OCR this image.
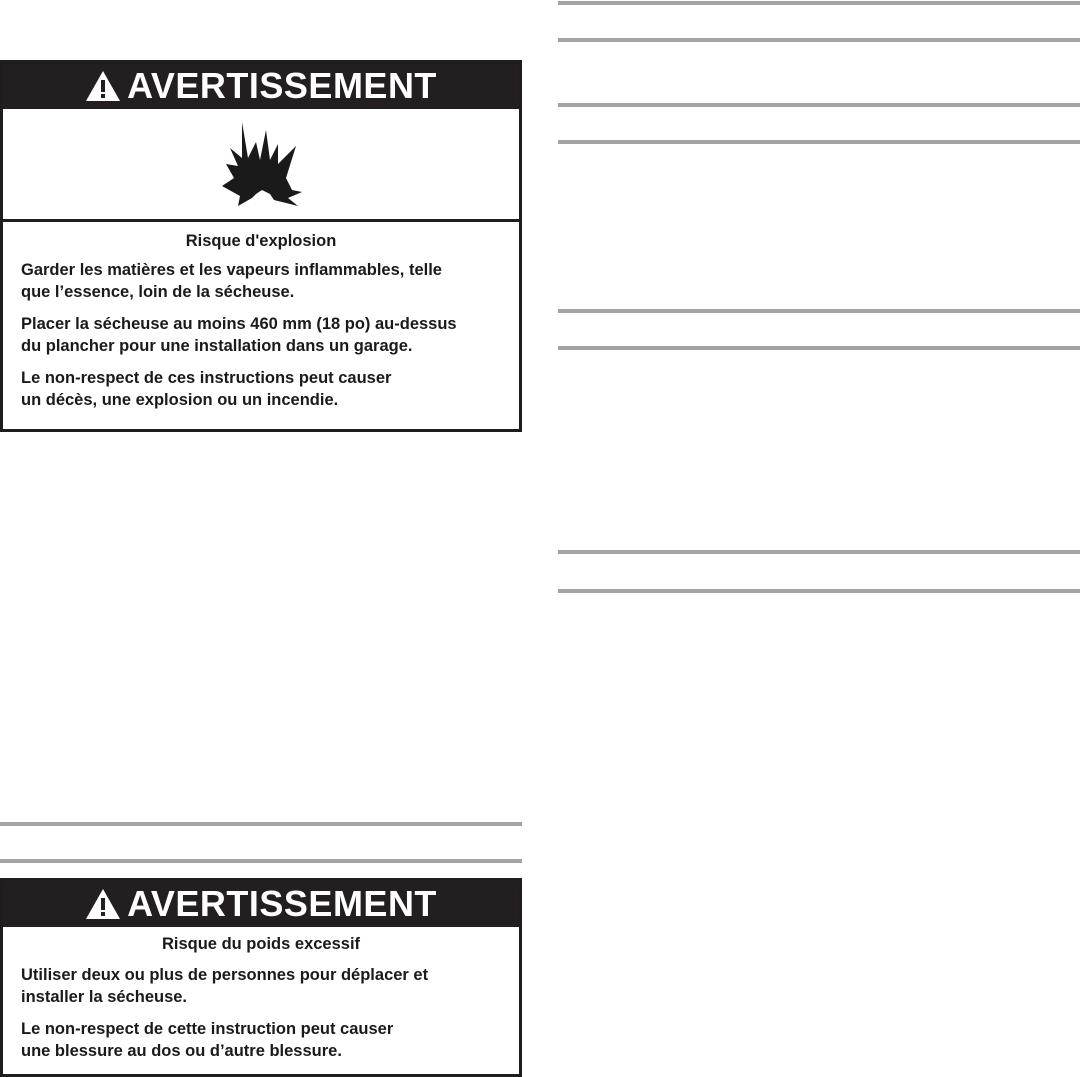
AVERTISSEMENT

Risque d'explosion

Garder les matières et les vapeurs inflammables, telle
que l’essence, loin de la sécheuse.

Placer la sécheuse au moins 460 mm (18 po) au-dessus
du plancher pour une installation dans un garage.

Le non-respect de ces instructions peut causer
un décès, une explosion ou un incendie.

AVERTISSEMENT

Risque du poids excessif

Utiliser deux ou plus de personnes pour déplacer et
installer la sécheuse.

Le non-respect de cette instruction peut causer
une blessure au dos ou d’autre blessure.
